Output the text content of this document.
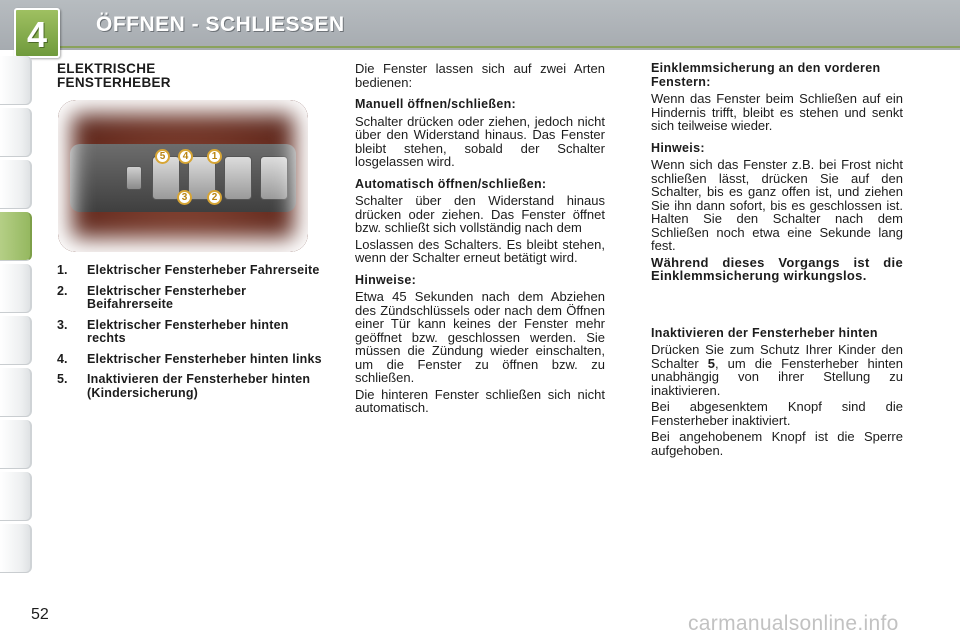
4	ÖFFNEN - SCHLIESSEN
ELEKTRISCHE
FENSTERHEBER
5	4	1
3	2
1.	Elektrischer Fensterheber Fahrerseite
2.	Elektrischer Fensterheber Beifahrerseite
3.	Elektrischer Fensterheber hinten rechts
4.	Elektrischer Fensterheber hinten links
5.	Inaktivieren der Fensterheber hinten (Kindersicherung)
Die Fenster lassen sich auf zwei Arten bedienen:
Manuell öffnen/schließen:
Schalter drücken oder ziehen, jedoch nicht über den Widerstand hinaus. Das Fenster bleibt stehen, sobald der Schalter losgelassen wird.
Automatisch öffnen/schließen:
Schalter über den Widerstand hinaus drücken oder ziehen. Das Fenster öffnet bzw. schließt sich vollständig nach dem
Loslassen des Schalters. Es bleibt stehen, wenn der Schalter erneut betätigt wird.
Hinweise:
Etwa 45 Sekunden nach dem Abziehen des Zündschlüssels oder nach dem Öffnen einer Tür kann keines der Fenster mehr geöffnet bzw. geschlossen werden. Sie müssen die Zündung wieder einschalten, um die Fenster zu öffnen bzw. zu schließen.
Die hinteren Fenster schließen sich nicht automatisch.
Einklemmsicherung an den vorderen Fenstern:
Wenn das Fenster beim Schließen auf ein Hindernis trifft, bleibt es stehen und senkt sich teilweise wieder.
Hinweis:
Wenn sich das Fenster z.B. bei Frost nicht schließen lässt, drücken Sie auf den Schalter, bis es ganz offen ist, und ziehen Sie ihn dann sofort, bis es geschlossen ist. Halten Sie den Schalter nach dem Schließen noch etwa eine Sekunde lang fest.
Während dieses Vorgangs ist die Einklemmsicherung wirkungslos.
Inaktivieren der Fensterheber hinten
Drücken Sie zum Schutz Ihrer Kinder den Schalter 5, um die Fensterheber hinten unabhängig von ihrer Stellung zu inaktivieren.
Bei abgesenktem Knopf sind die Fensterheber inaktiviert.
Bei angehobenem Knopf ist die Sperre aufgehoben.
52	carmanualsonline.info
